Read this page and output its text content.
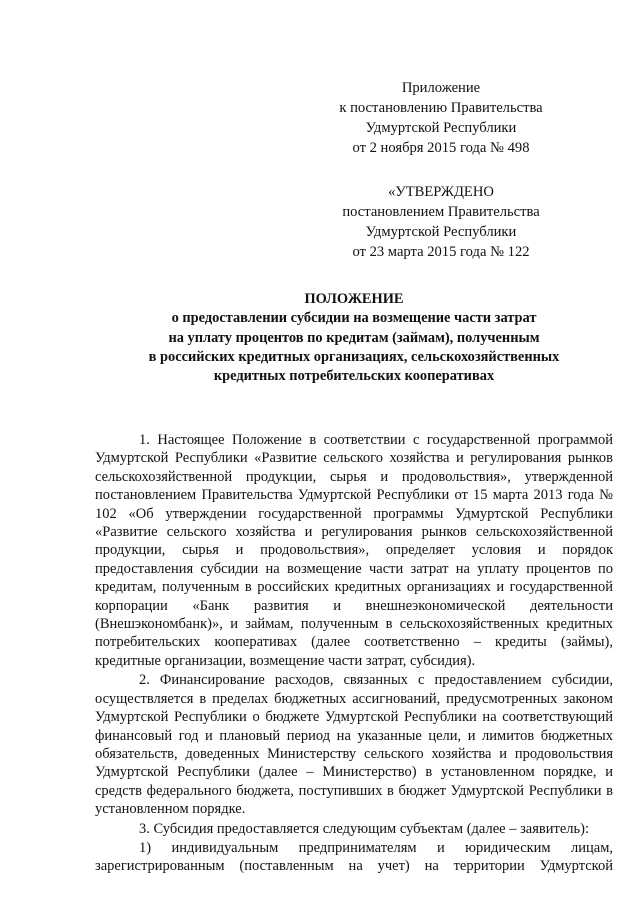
Приложение
к постановлению Правительства
Удмуртской Республики
от 2 ноября 2015 года № 498
«УТВЕРЖДЕНО
постановлением Правительства
Удмуртской Республики
от 23 марта 2015 года № 122
ПОЛОЖЕНИЕ
о предоставлении субсидии на возмещение части затрат
на уплату процентов по кредитам (займам), полученным
в российских кредитных организациях, сельскохозяйственных
кредитных потребительских кооперативах

1. Настоящее Положение в соответствии с государственной программой Удмуртской Республики «Развитие сельского хозяйства и регулирования рынков сельскохозяйственной продукции, сырья и продовольствия», утвержденной постановлением Правительства Удмуртской Республики от 15 марта 2013 года № 102 «Об утверждении государственной программы Удмуртской Республики «Развитие сельского хозяйства и регулирования рынков сельскохозяйственной продукции, сырья и продовольствия», определяет условия и порядок предоставления субсидии на возмещение части затрат на уплату процентов по кредитам, полученным в российских кредитных организациях и государственной корпорации «Банк развития и внешнеэкономической деятельности (Внешэкономбанк)», и займам, полученным в сельскохозяйственных кредитных потребительских кооперативах (далее соответственно – кредиты (займы), кредитные организации, возмещение части затрат, субсидия).

2. Финансирование расходов, связанных с предоставлением субсидии, осуществляется в пределах бюджетных ассигнований, предусмотренных законом Удмуртской Республики о бюджете Удмуртской Республики на соответствующий финансовый год и плановый период на указанные цели, и лимитов бюджетных обязательств, доведенных Министерству сельского хозяйства и продовольствия Удмуртской Республики (далее – Министерство) в установленном порядке, и средств федерального бюджета, поступивших в бюджет Удмуртской Республики в установленном порядке.

3. Субсидия предоставляется следующим субъектам (далее – заявитель):

1) индивидуальным предпринимателям и юридическим лицам, зарегистрированным (поставленным на учет) на территории Удмуртской
